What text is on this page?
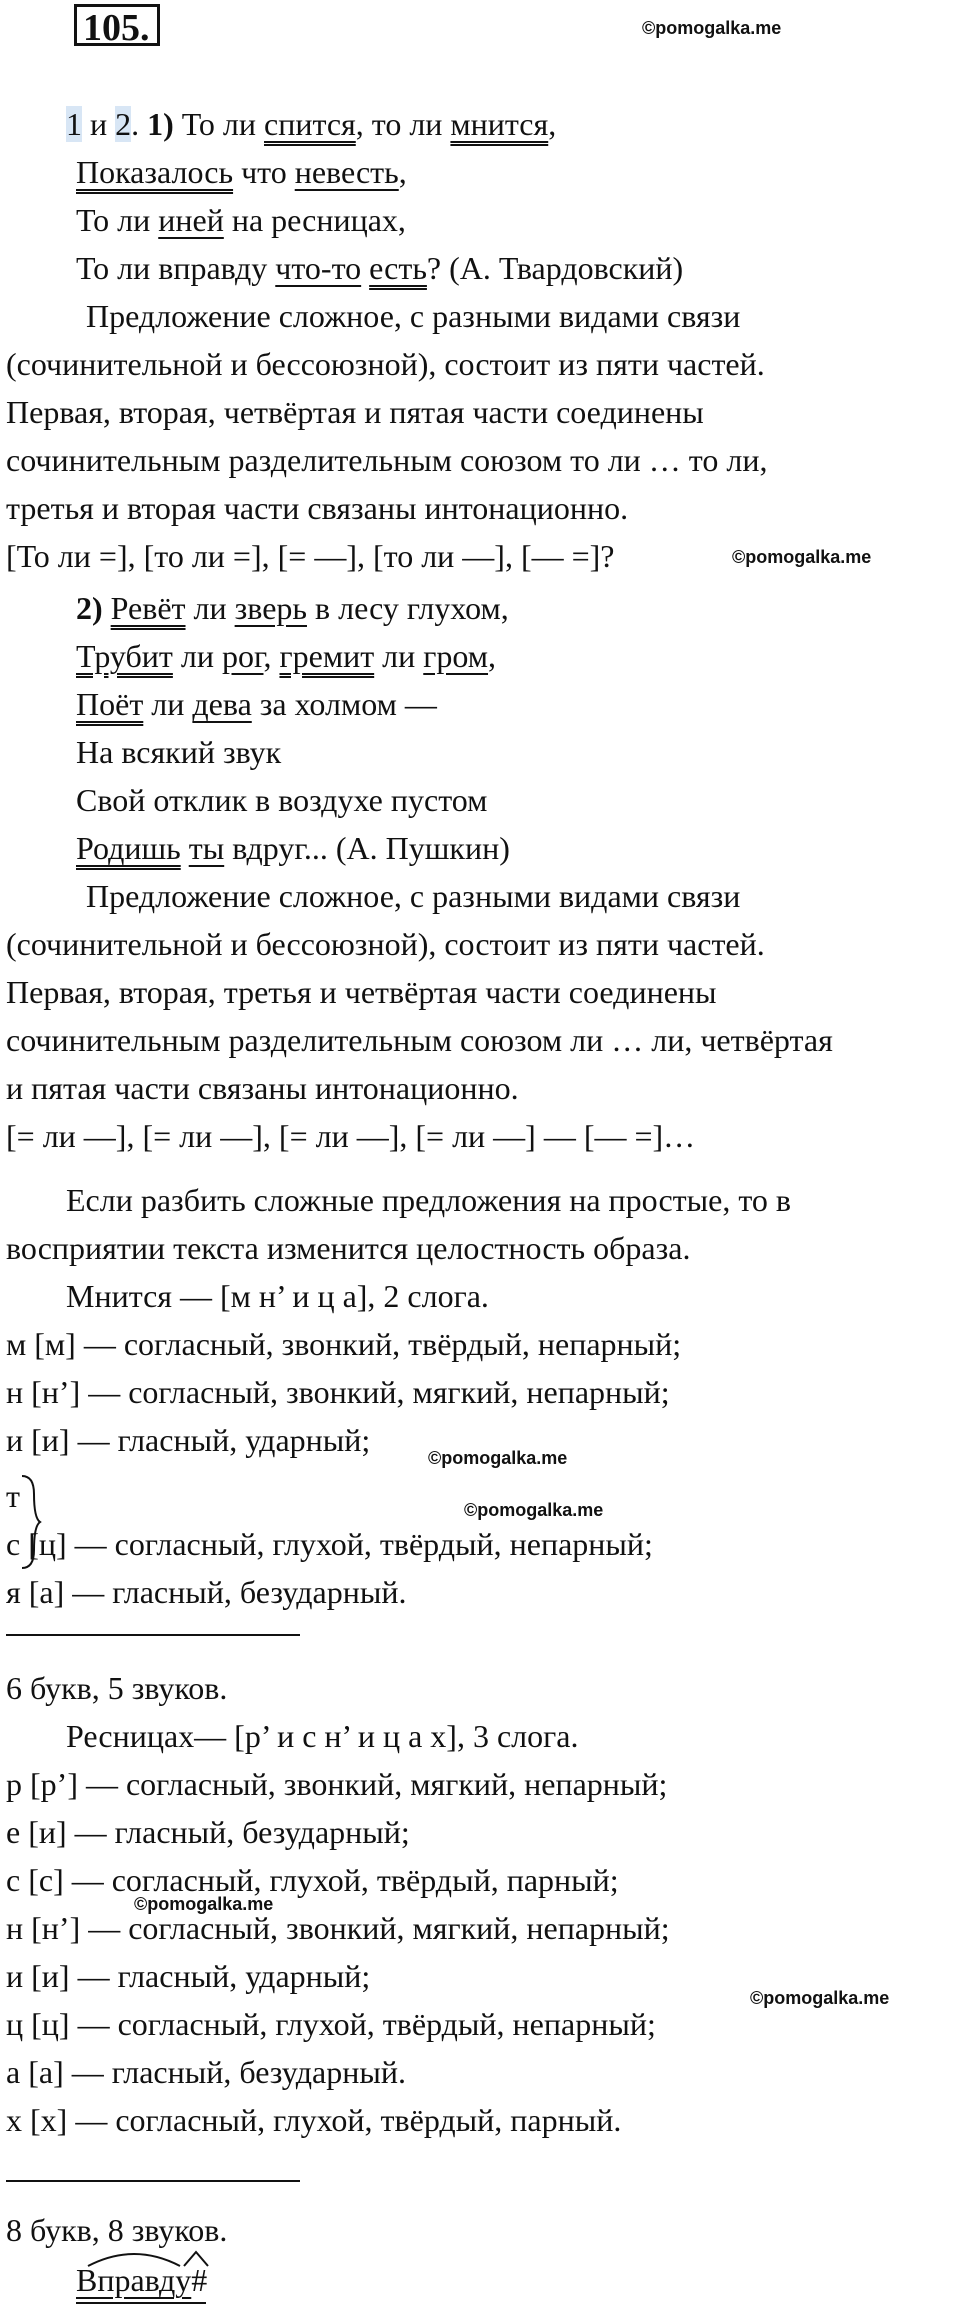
105.	©pomogalka.me
1 и 2. 1) То ли спится, то ли мнится,
Показалось что невесть,
То ли иней на ресницах,
То ли вправду что-то есть? (А. Твардовский)
Предложение сложное, с разными видами связи
(сочинительной и бессоюзной), состоит из пяти частей.
Первая, вторая, четвёртая и пятая части соединены
сочинительным разделительным союзом то ли … то ли,
третья и вторая части связаны интонационно.
[То ли =], [то ли =], [= —], [то ли —], [— =]?	©pomogalka.me
2) Ревёт ли зверь в лесу глухом,
Трубит ли рог, гремит ли гром,
Поёт ли дева за холмом —
На всякий звук
Свой отклик в воздухе пустом
Родишь ты вдруг... (А. Пушкин)
Предложение сложное, с разными видами связи
(сочинительной и бессоюзной), состоит из пяти частей.
Первая, вторая, третья и четвёртая части соединены
сочинительным разделительным союзом ли … ли, четвёртая
и пятая части связаны интонационно.
[= ли —], [= ли —], [= ли —], [= ли —] — [— =]…
Если разбить сложные предложения на простые, то в
восприятии текста изменится целостность образа.
Мнится — [м н’ и ц а], 2 слога.
м [м] — согласный, звонкий, твёрдый, непарный;
н [н’] — согласный, звонкий, мягкий, непарный;
и [и] — гласный, ударный;	©pomogalka.me
т	©pomogalka.me
с [ц] — согласный, глухой, твёрдый, непарный;
я [а] — гласный, безударный.
6 букв, 5 звуков.
Ресницах— [р’ и с н’ и ц а х], 3 слога.
р [р’] — согласный, звонкий, мягкий, непарный;
е [и] — гласный, безударный;
с [с] — согласный, глухой, твёрдый, парный;
©pomogalka.me
н [н’] — согласный, звонкий, мягкий, непарный;
и [и] — гласный, ударный;
©pomogalka.me
ц [ц] — согласный, глухой, твёрдый, непарный;
а [а] — гласный, безударный.
х [х] — согласный, глухой, твёрдый, парный.
8 букв, 8 звуков.
Вправду#
